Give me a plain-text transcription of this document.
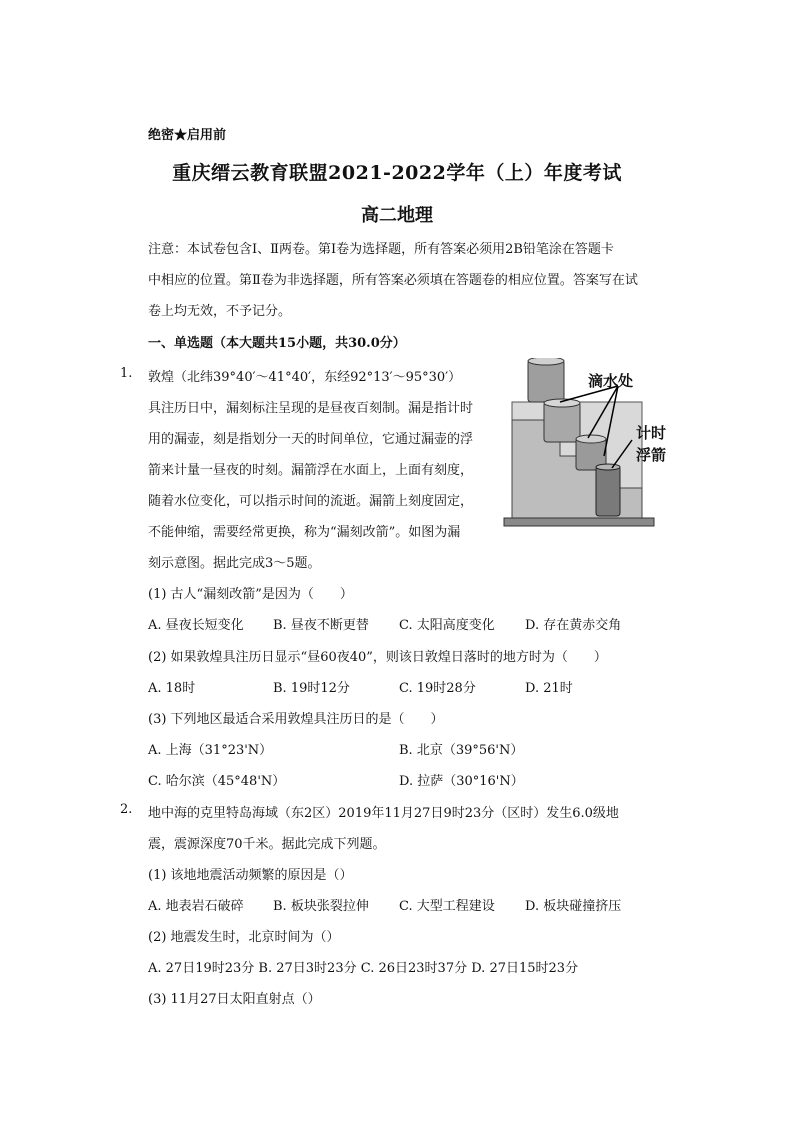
绝密★启用前
重庆缙云教育联盟2021-2022学年（上）年度考试
高二地理
注意：本试卷包含Ⅰ、Ⅱ两卷。第Ⅰ卷为选择题，所有答案必须用2B铅笔涂在答题卡
中相应的位置。第Ⅱ卷为非选择题，所有答案必须填在答题卷的相应位置。答案写在试
卷上均无效，不予记分。
一、单选题（本大题共15小题，共30.0分）
1. 敦煌（北纬39°40′～41°40′，东经92°13′～95°30′）
具注历日中，漏刻标注呈现的是昼夜百刻制。漏是指计时
用的漏壶，刻是指划分一天的时间单位，它通过漏壶的浮
箭来计量一昼夜的时刻。漏箭浮在水面上，上面有刻度，
随着水位变化，可以指示时间的流逝。漏箭上刻度固定，
不能伸缩，需要经常更换，称为“漏刻改箭”。如图为漏
刻示意图。据此完成3～5题。
滴水处
计时
浮箭
(1) 古人“漏刻改箭”是因为（　　）
A. 昼夜长短变化 B. 昼夜不断更替 C. 太阳高度变化 D. 存在黄赤交角
(2) 如果敦煌具注历日显示“昼60夜40”，则该日敦煌日落时的地方时为（　　）
A. 18时	B. 19时12分	C. 19时28分	D. 21时
(3) 下列地区最适合采用敦煌具注历日的是（　　）
A. 上海（31°23'N）	B. 北京（39°56'N）
C. 哈尔滨（45°48'N）	D. 拉萨（30°16'N）
2. 地中海的克里特岛海域（东2区）2019年11月27日9时23分（区时）发生6.0级地
震，震源深度70千米。据此完成下列题。
(1) 该地地震活动频繁的原因是（）
A. 地表岩石破碎 B. 板块张裂拉伸 C. 大型工程建设 D. 板块碰撞挤压
(2) 地震发生时，北京时间为（）
A. 27日19时23分 B. 27日3时23分 C. 26日23时37分 D. 27日15时23分
(3) 11月27日太阳直射点（）
